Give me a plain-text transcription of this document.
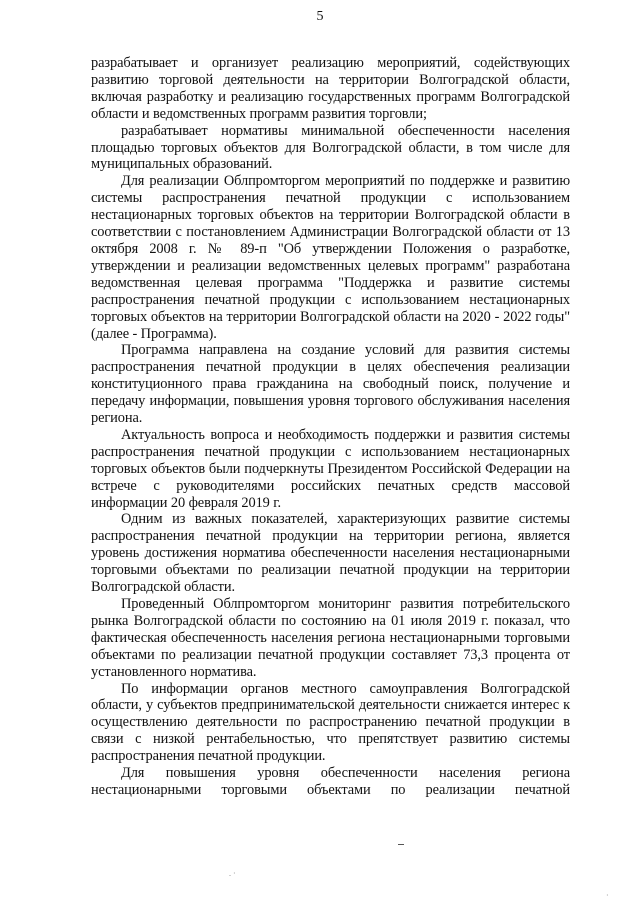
5

разрабатывает и организует реализацию мероприятий, содействующих развитию торговой деятельности на территории Волгоградской области, включая разработку и реализацию государственных программ Волгоградской области и ведомственных программ развития торговли;

разрабатывает нормативы минимальной обеспеченности населения площадью торговых объектов для Волгоградской области, в том числе для муниципальных образований.

Для реализации Облпромторгом мероприятий по поддержке и развитию системы распространения печатной продукции с использованием нестационарных торговых объектов на территории Волгоградской области в соответствии с постановлением Администрации Волгоградской области от 13 октября 2008 г. № 89-п "Об утверждении Положения о разработке, утверждении и реализации ведомственных целевых программ" разработана ведомственная целевая программа "Поддержка и развитие системы распространения печатной продукции с использованием нестационарных торговых объектов на территории Волгоградской области на 2020 - 2022 годы" (далее - Программа).

Программа направлена на создание условий для развития системы распространения печатной продукции в целях обеспечения реализации конституционного права гражданина на свободный поиск, получение и передачу информации, повышения уровня торгового обслуживания населения региона.

Актуальность вопроса и необходимость поддержки и развития системы распространения печатной продукции с использованием нестационарных торговых объектов были подчеркнуты Президентом Российской Федерации на встрече с руководителями российских печатных средств массовой информации 20 февраля 2019 г.

Одним из важных показателей, характеризующих развитие системы распространения печатной продукции на территории региона, является уровень достижения норматива обеспеченности населения нестационарными торговыми объектами по реализации печатной продукции на территории Волгоградской области.

Проведенный Облпромторгом мониторинг развития потребительского рынка Волгоградской области по состоянию на 01 июля 2019 г. показал, что фактическая обеспеченность населения региона нестационарными торговыми объектами по реализации печатной продукции составляет 73,3 процента от установленного норматива.

По информации органов местного самоуправления Волгоградской области, у субъектов предпринимательской деятельности снижается интерес к осуществлению деятельности по распространению печатной продукции в связи с низкой рентабельностью, что препятствует развитию системы распространения печатной продукции.

Для повышения уровня обеспеченности населения региона нестационарными торговыми объектами по реализации печатной

. ·
·
